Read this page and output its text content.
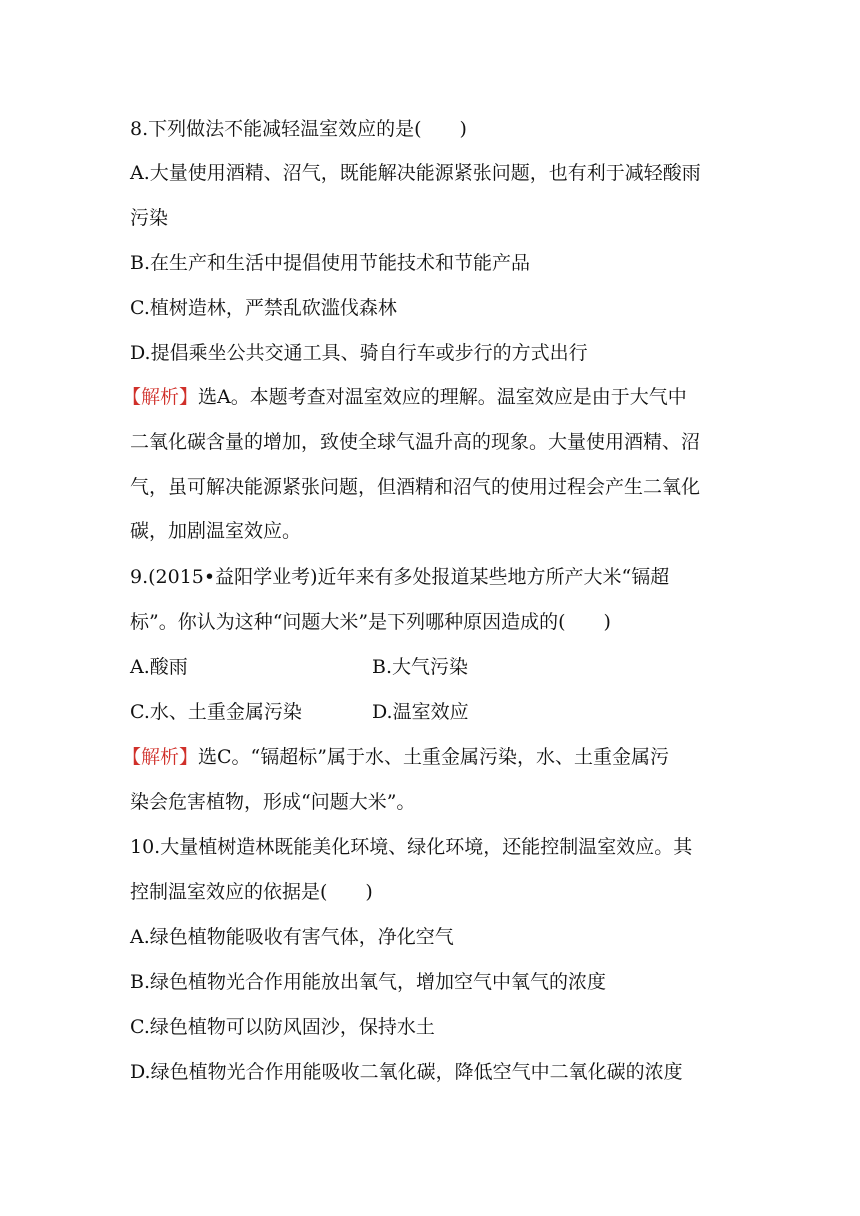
8.下列做法不能减轻温室效应的是(　　)
A.大量使用酒精、沼气，既能解决能源紧张问题，也有利于减轻酸雨
污染
B.在生产和生活中提倡使用节能技术和节能产品
C.植树造林，严禁乱砍滥伐森林
D.提倡乘坐公共交通工具、骑自行车或步行的方式出行
【解析】选A。本题考查对温室效应的理解。温室效应是由于大气中
二氧化碳含量的增加，致使全球气温升高的现象。大量使用酒精、沼
气，虽可解决能源紧张问题，但酒精和沼气的使用过程会产生二氧化
碳，加剧温室效应。
9.(2015•益阳学业考)近年来有多处报道某些地方所产大米“镉超
标”。你认为这种“问题大米”是下列哪种原因造成的(　　)
A.酸雨	B.大气污染
C.水、土重金属污染	D.温室效应
【解析】选C。“镉超标”属于水、土重金属污染，水、土重金属污
染会危害植物，形成“问题大米”。
10.大量植树造林既能美化环境、绿化环境，还能控制温室效应。其
控制温室效应的依据是(　　)
A.绿色植物能吸收有害气体，净化空气
B.绿色植物光合作用能放出氧气，增加空气中氧气的浓度
C.绿色植物可以防风固沙，保持水土
D.绿色植物光合作用能吸收二氧化碳，降低空气中二氧化碳的浓度
